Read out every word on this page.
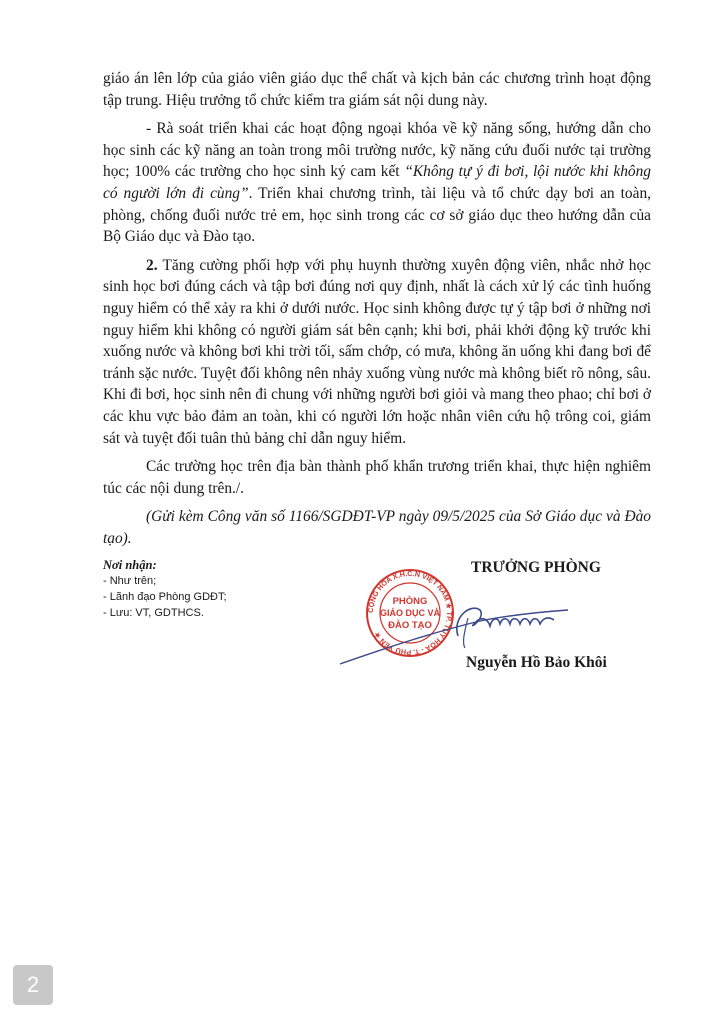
giáo án lên lớp của giáo viên giáo dục thể chất và kịch bản các chương trình hoạt động tập trung. Hiệu trưởng tổ chức kiểm tra giám sát nội dung này.

- Rà soát triển khai các hoạt động ngoại khóa về kỹ năng sống, hướng dẫn cho học sinh các kỹ năng an toàn trong môi trường nước, kỹ năng cứu đuối nước tại trường học; 100% các trường cho học sinh ký cam kết “Không tự ý đi bơi, lội nước khi không có người lớn đi cùng”. Triển khai chương trình, tài liệu và tổ chức dạy bơi an toàn, phòng, chống đuối nước trẻ em, học sinh trong các cơ sở giáo dục theo hướng dẫn của Bộ Giáo dục và Đào tạo.

2. Tăng cường phối hợp với phụ huynh thường xuyên động viên, nhắc nhở học sinh học bơi đúng cách và tập bơi đúng nơi quy định, nhất là cách xử lý các tình huống nguy hiểm có thể xảy ra khi ở dưới nước. Học sinh không được tự ý tập bơi ở những nơi nguy hiểm khi không có người giám sát bên cạnh; khi bơi, phải khởi động kỹ trước khi xuống nước và không bơi khi trời tối, sấm chớp, có mưa, không ăn uống khi đang bơi để tránh sặc nước. Tuyệt đối không nên nhảy xuống vùng nước mà không biết rõ nông, sâu. Khi đi bơi, học sinh nên đi chung với những người bơi giỏi và mang theo phao; chỉ bơi ở các khu vực bảo đảm an toàn, khi có người lớn hoặc nhân viên cứu hộ trông coi, giám sát và tuyệt đối tuân thủ bảng chỉ dẫn nguy hiểm.

Các trường học trên địa bàn thành phố khẩn trương triển khai, thực hiện nghiêm túc các nội dung trên./.

(Gửi kèm Công văn số 1166/SGDĐT-VP ngày 09/5/2025 của Sở Giáo dục và Đào tạo).

Nơi nhận:
- Như trên;
- Lãnh đạo Phòng GDĐT;
- Lưu: VT, GDTHCS.
TRƯỞNG PHÒNG
CỘNG HÒA X.H.C.N VIỆT NAM ★ TP. TUY HÒA - T. PHÚ YÊN ★
PHÒNG
GIÁO DỤC VÀ
ĐÀO TẠO
Nguyễn Hồ Bảo Khôi
2
